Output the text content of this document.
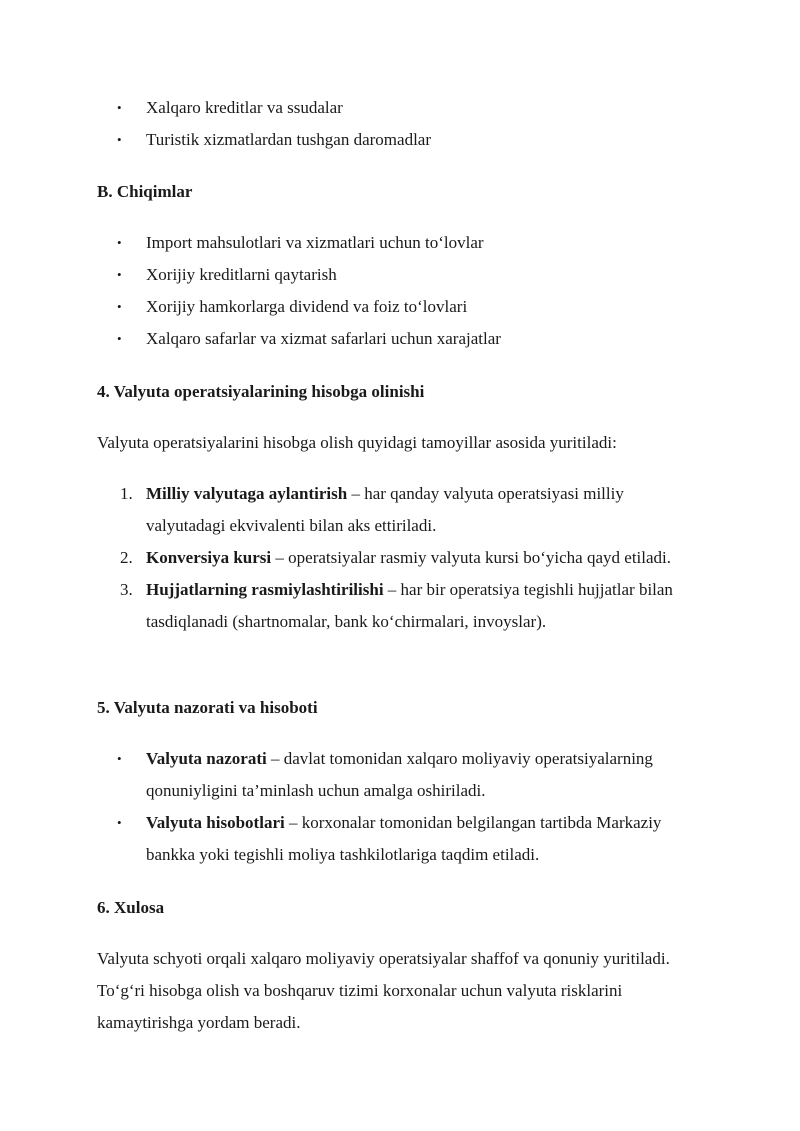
• Xalqaro kreditlar va ssudalar
• Turistik xizmatlardan tushgan daromadlar
B. Chiqimlar
• Import mahsulotlari va xizmatlari uchun to‘lovlar
• Xorijiy kreditlarni qaytarish
• Xorijiy hamkorlarga dividend va foiz to‘lovlari
• Xalqaro safarlar va xizmat safarlari uchun xarajatlar
4. Valyuta operatsiyalarining hisobga olinishi
Valyuta operatsiyalarini hisobga olish quyidagi tamoyillar asosida yuritiladi:
1. Milliy valyutaga aylantirish – har qanday valyuta operatsiyasi milliy valyutadagi ekvivalenti bilan aks ettiriladi.
2. Konversiya kursi – operatsiyalar rasmiy valyuta kursi bo‘yicha qayd etiladi.
3. Hujjatlarning rasmiylashtirilishi – har bir operatsiya tegishli hujjatlar bilan tasdiqlanadi (shartnomalar, bank ko‘chirmalari, invoyslar).
5. Valyuta nazorati va hisoboti
• Valyuta nazorati – davlat tomonidan xalqaro moliyaviy operatsiyalarning qonuniyligini ta’minlash uchun amalga oshiriladi.
• Valyuta hisobotlari – korxonalar tomonidan belgilangan tartibda Markaziy bankka yoki tegishli moliya tashkilotlariga taqdim etiladi.
6. Xulosa
Valyuta schyoti orqali xalqaro moliyaviy operatsiyalar shaffof va qonuniy yuritiladi. To‘g‘ri hisobga olish va boshqaruv tizimi korxonalar uchun valyuta risklarini kamaytirishga yordam beradi.
